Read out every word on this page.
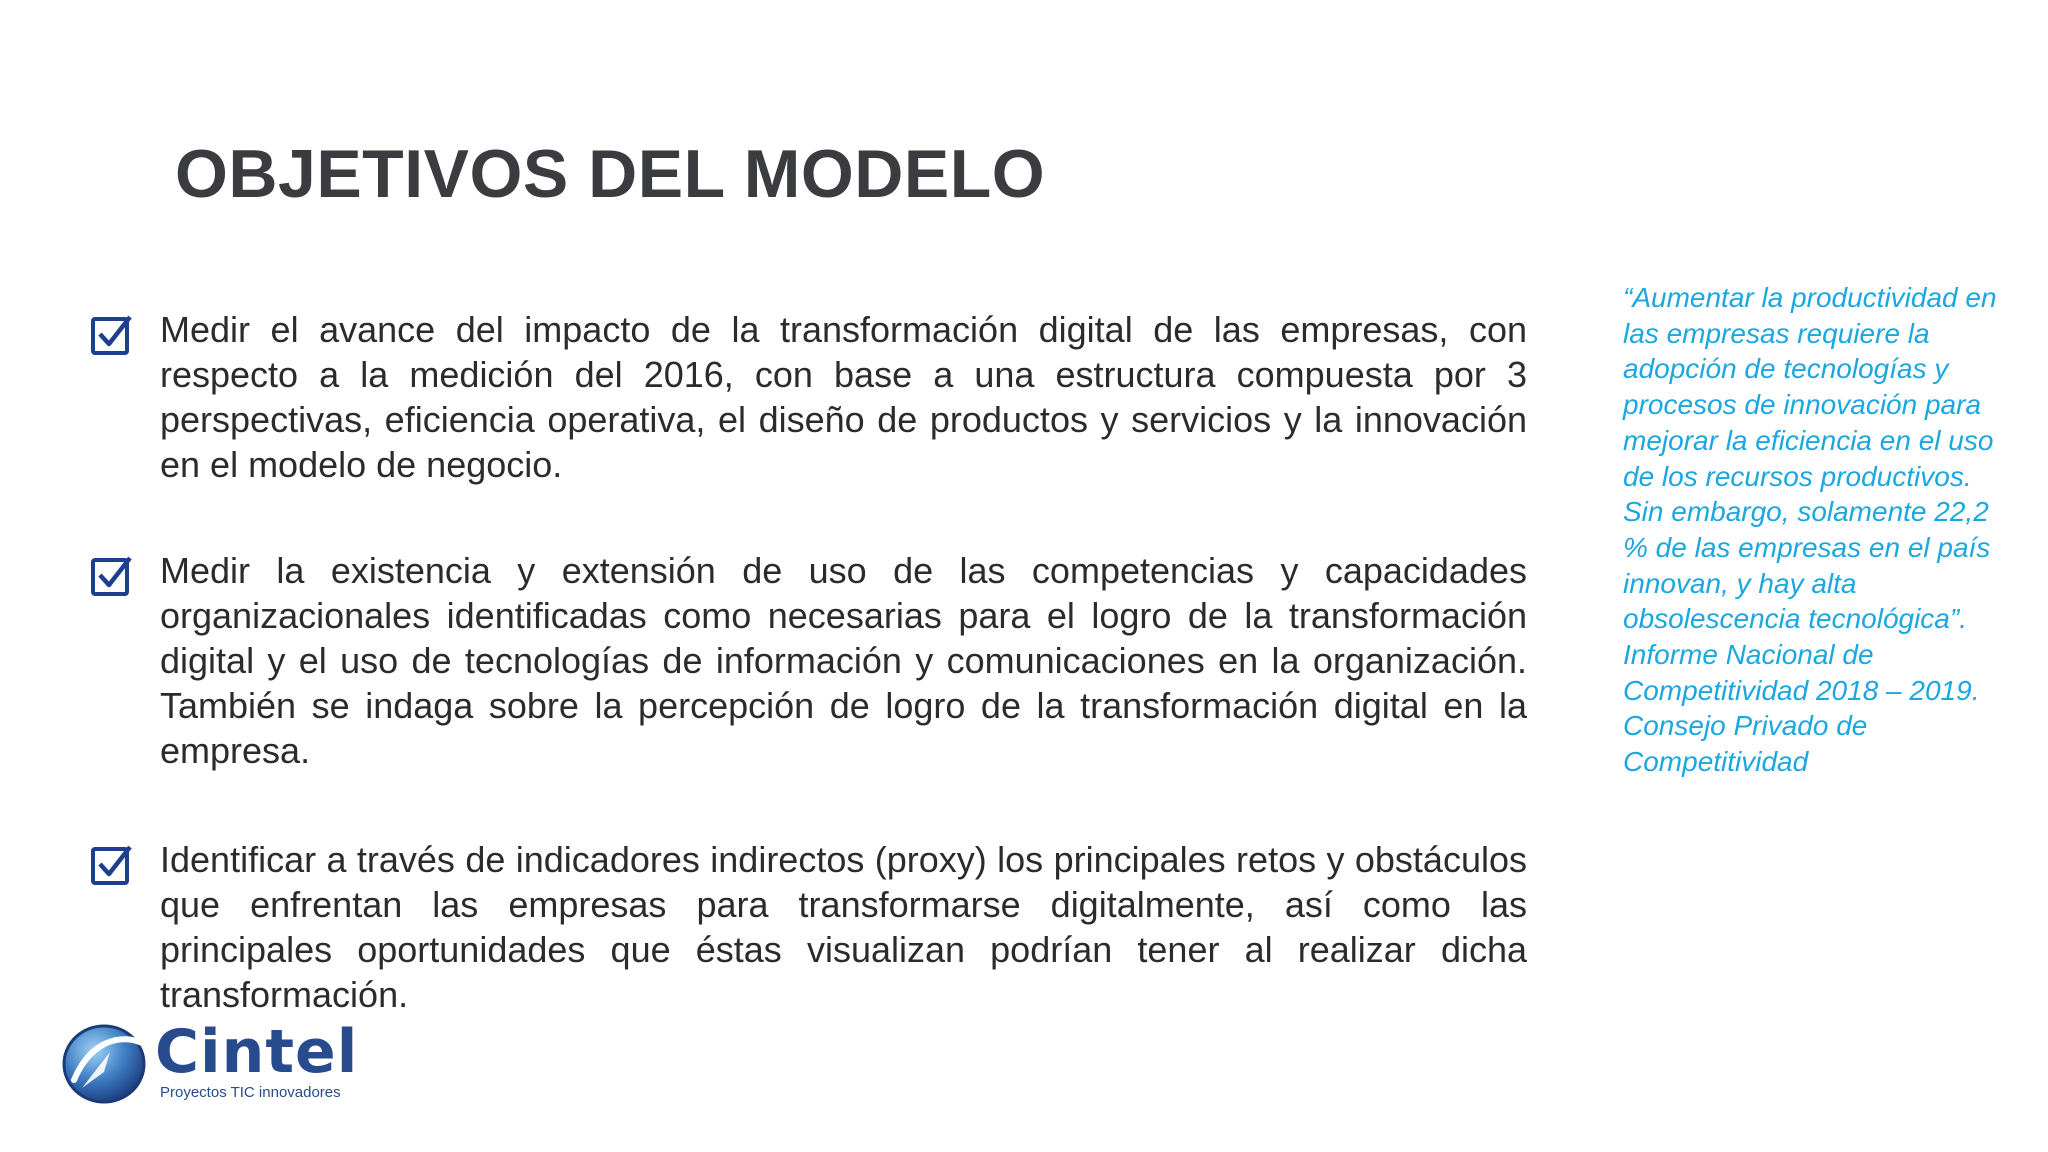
OBJETIVOS DEL MODELO

Medir el avance del impacto de la transformación digital de las empresas, con respecto a la medición del 2016, con base a una estructura compuesta por 3 perspectivas, eficiencia operativa, el diseño de productos y servicios y la innovación en el modelo de negocio.

Medir la existencia y extensión de uso de las competencias y capacidades organizacionales identificadas como necesarias para el logro de la transformación digital y el uso de tecnologías de información y comunicaciones en la organización. También se indaga sobre la percepción de logro de la transformación digital en la empresa.

Identificar a través de indicadores indirectos (proxy) los principales retos y obstáculos que enfrentan las empresas para transformarse digitalmente, así como las principales oportunidades que éstas visualizan podrían tener al realizar dicha transformación.

“Aumentar la productividad en las empresas requiere la adopción de tecnologías y procesos de innovación para mejorar la eficiencia en el uso de los recursos productivos. Sin embargo, solamente 22,2 % de las empresas en el país innovan, y hay alta obsolescencia tecnológica”. Informe Nacional de Competitividad 2018 – 2019. Consejo Privado de Competitividad

Cintel
Proyectos TIC innovadores
